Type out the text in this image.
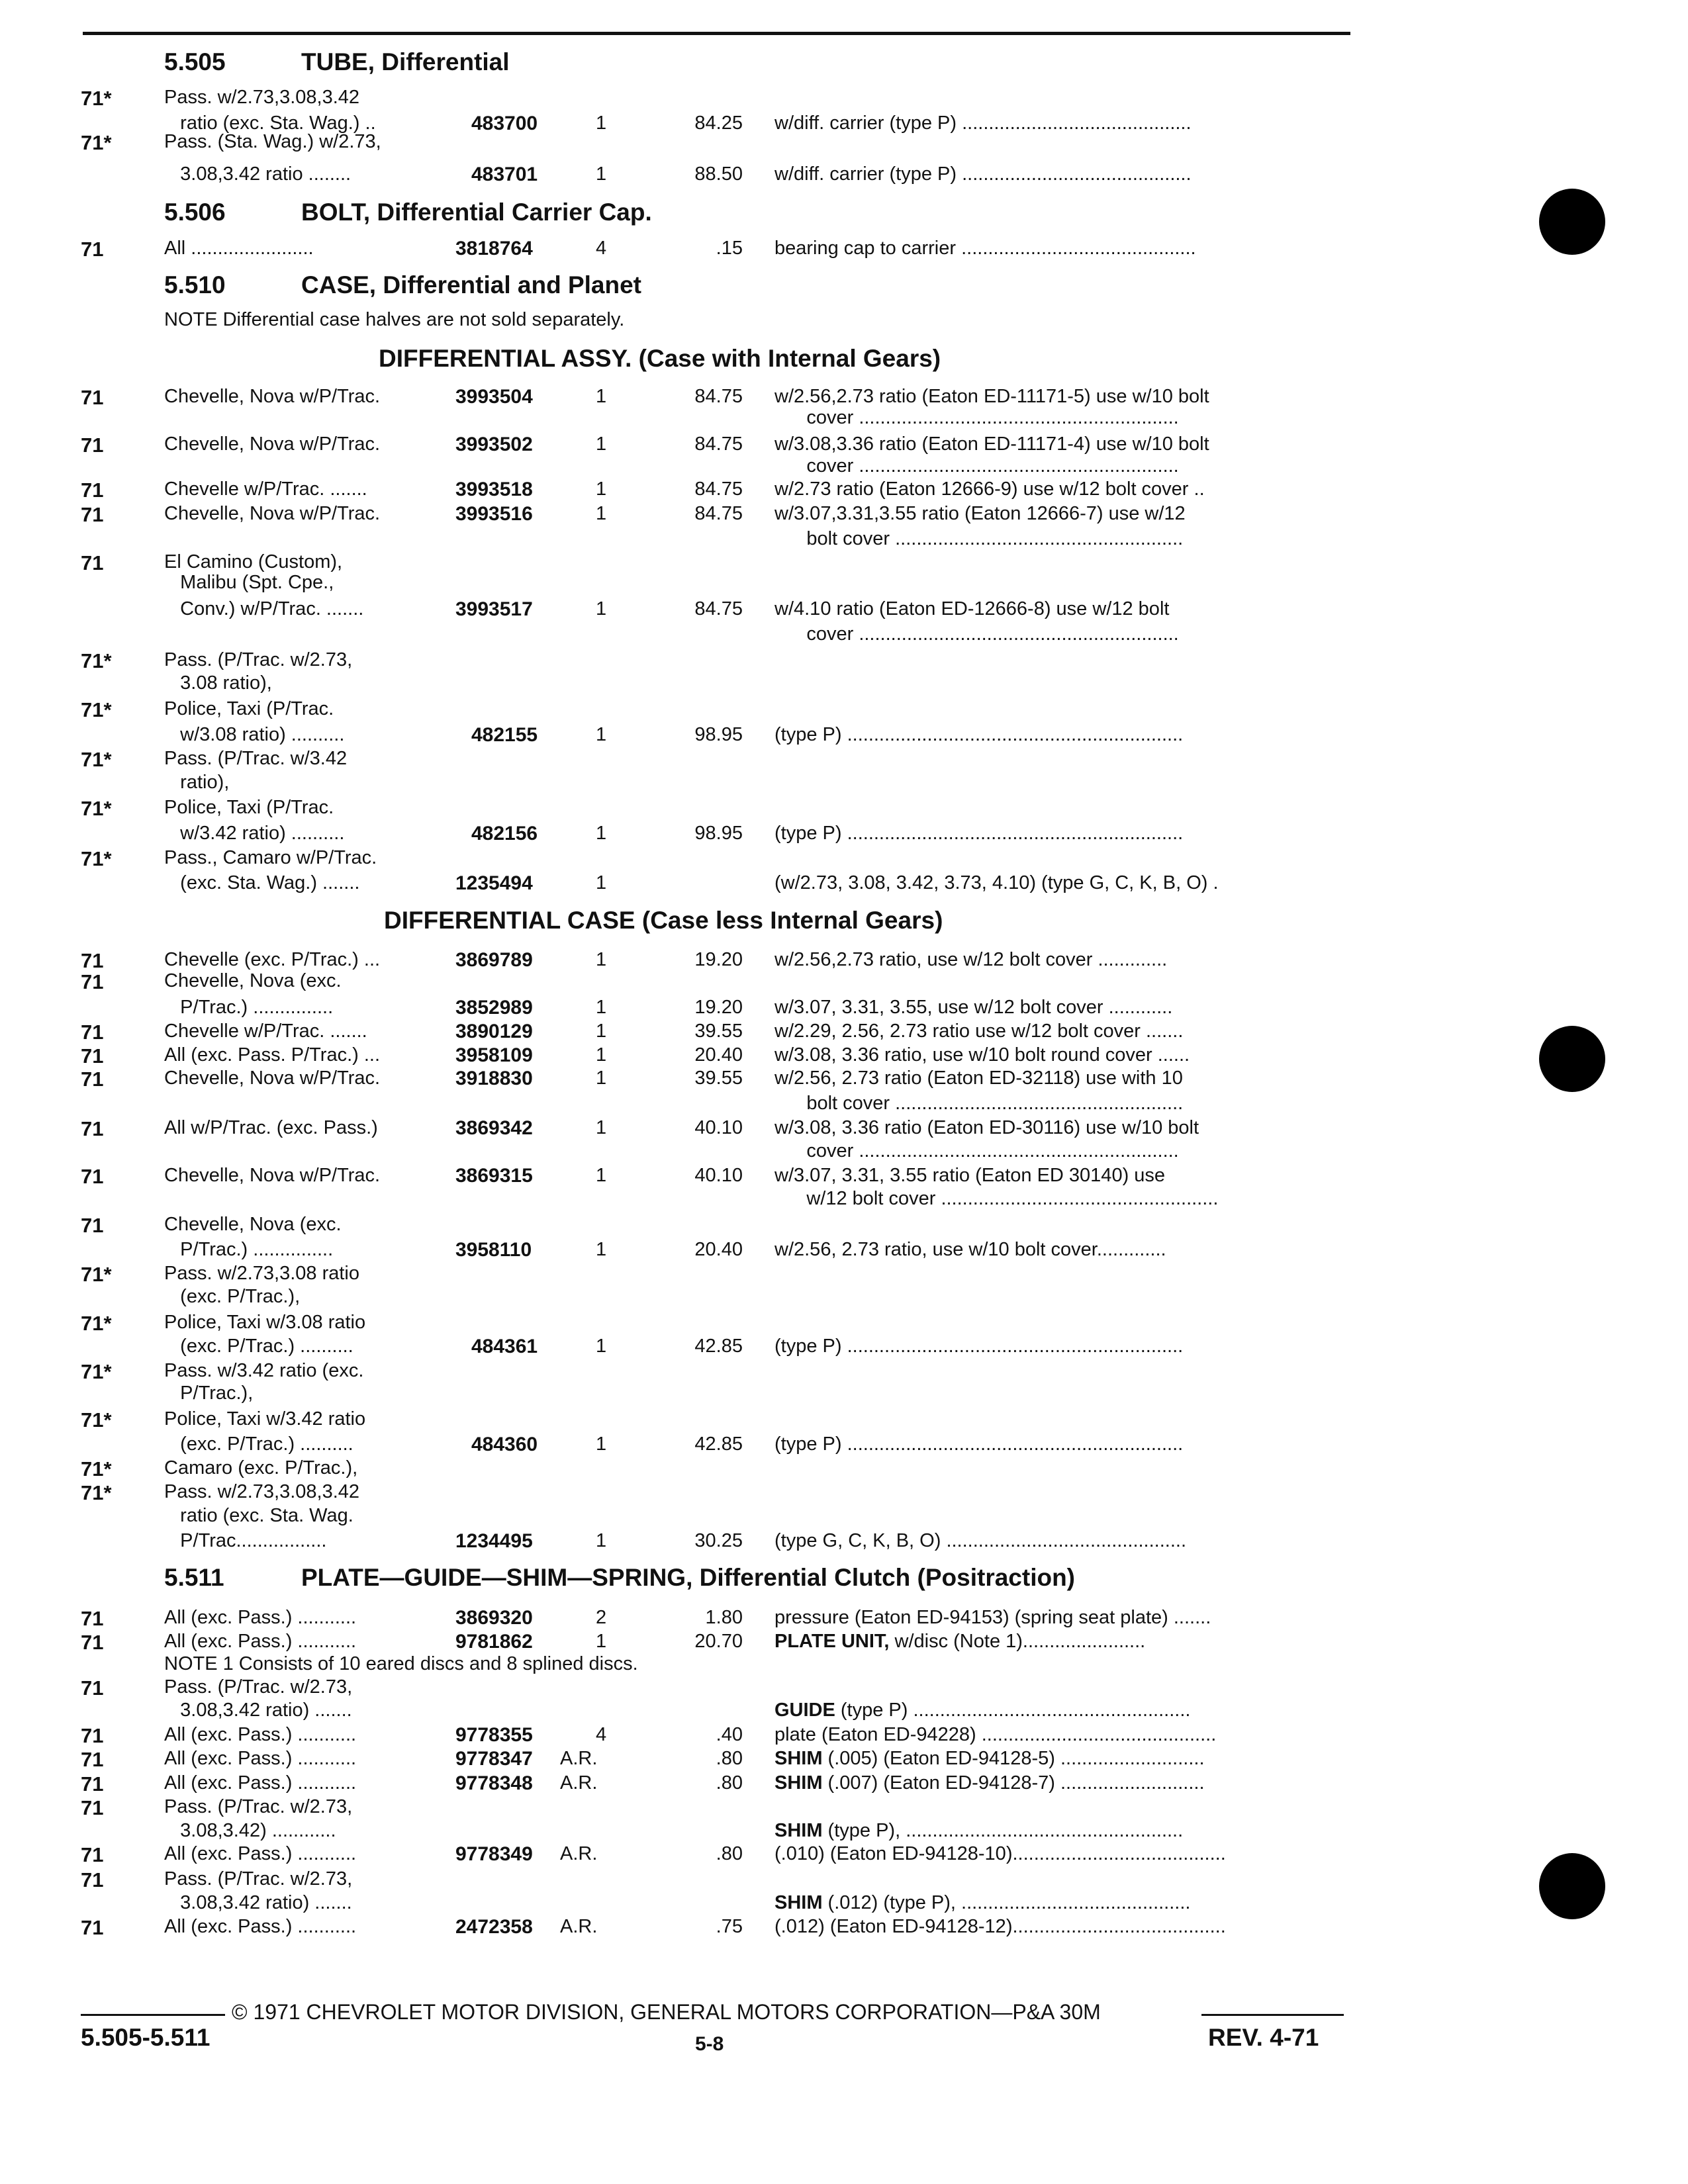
5.505	TUBE, Differential
71*	Pass. w/2.73,3.08,3.42
ratio (exc. Sta. Wag.) ..	483700	1	84.25 w/diff. carrier (type P) ...........................................
71*	Pass. (Sta. Wag.) w/2.73,
3.08,3.42 ratio ........	483701	1	88.50 w/diff. carrier (type P) ...........................................
5.506	BOLT, Differential Carrier Cap.
71	All .......................	3818764	4	.15 bearing cap to carrier ............................................
5.510	CASE, Differential and Planet
NOTE Differential case halves are not sold separately.
DIFFERENTIAL ASSY. (Case with Internal Gears)
71	Chevelle, Nova w/P/Trac.	3993504	1	84.75 w/2.56,2.73 ratio (Eaton ED-11171-5) use w/10 bolt
cover ............................................................
71	Chevelle, Nova w/P/Trac.	3993502	1	84.75 w/3.08,3.36 ratio (Eaton ED-11171-4) use w/10 bolt
cover ............................................................
71	Chevelle w/P/Trac. .......	3993518	1	84.75 w/2.73 ratio (Eaton 12666-9) use w/12 bolt cover ..
71	Chevelle, Nova w/P/Trac.	3993516	1	84.75 w/3.07,3.31,3.55 ratio (Eaton 12666-7) use w/12
bolt cover ......................................................
71	El Camino (Custom),
Malibu (Spt. Cpe.,
Conv.) w/P/Trac. .......	3993517	1	84.75 w/4.10 ratio (Eaton ED-12666-8) use w/12 bolt
cover ............................................................
71*	Pass. (P/Trac. w/2.73,
3.08 ratio),
71*	Police, Taxi (P/Trac.
w/3.08 ratio) ..........	482155	1	98.95 (type P) ...............................................................
71*	Pass. (P/Trac. w/3.42
ratio),
71*	Police, Taxi (P/Trac.
w/3.42 ratio) ..........	482156	1	98.95 (type P) ...............................................................
71*	Pass., Camaro w/P/Trac.
(exc. Sta. Wag.) .......	1235494	1	(w/2.73, 3.08, 3.42, 3.73, 4.10) (type G, C, K, B, O) .
DIFFERENTIAL CASE (Case less Internal Gears)
71	Chevelle (exc. P/Trac.) ...	3869789	1	19.20 w/2.56,2.73 ratio, use w/12 bolt cover .............
71	Chevelle, Nova (exc.
P/Trac.) ...............	3852989	1	19.20 w/3.07, 3.31, 3.55, use w/12 bolt cover ............
71	Chevelle w/P/Trac. .......	3890129	1	39.55 w/2.29, 2.56, 2.73 ratio use w/12 bolt cover .......
71	All (exc. Pass. P/Trac.) ...	3958109	1	20.40 w/3.08, 3.36 ratio, use w/10 bolt round cover ......
71	Chevelle, Nova w/P/Trac.	3918830	1	39.55 w/2.56, 2.73 ratio (Eaton ED-32118) use with 10
bolt cover ......................................................
71	All w/P/Trac. (exc. Pass.)	3869342	1	40.10 w/3.08, 3.36 ratio (Eaton ED-30116) use w/10 bolt
cover ............................................................
71	Chevelle, Nova w/P/Trac.	3869315	1	40.10 w/3.07, 3.31, 3.55 ratio (Eaton ED 30140) use
w/12 bolt cover ....................................................
71	Chevelle, Nova (exc.
P/Trac.) ...............	3958110	1	20.40 w/2.56, 2.73 ratio, use w/10 bolt cover.............
71*	Pass. w/2.73,3.08 ratio
(exc. P/Trac.),
71*	Police, Taxi w/3.08 ratio
(exc. P/Trac.) ..........	484361	1	42.85 (type P) ...............................................................
71*	Pass. w/3.42 ratio (exc.
P/Trac.),
71*	Police, Taxi w/3.42 ratio
(exc. P/Trac.) ..........	484360	1	42.85 (type P) ...............................................................
71*	Camaro (exc. P/Trac.),
71*	Pass. w/2.73,3.08,3.42
ratio (exc. Sta. Wag.
P/Trac.................	1234495	1	30.25 (type G, C, K, B, O) .............................................
5.511	PLATE—GUIDE—SHIM—SPRING, Differential Clutch (Positraction)
71	All (exc. Pass.) ...........	3869320	2	1.80 pressure (Eaton ED-94153) (spring seat plate) .......
71	All (exc. Pass.) ...........	9781862	1	20.70 PLATE UNIT, w/disc (Note 1).......................
NOTE 1 Consists of 10 eared discs and 8 splined discs.
71	Pass. (P/Trac. w/2.73,
3.08,3.42 ratio) .......	GUIDE (type P) ....................................................
71	All (exc. Pass.) ...........	9778355	4	.40 plate (Eaton ED-94228) ............................................
71	All (exc. Pass.) ...........	9778347 A.R.	.80 SHIM (.005) (Eaton ED-94128-5) ...........................
71	All (exc. Pass.) ...........	9778348 A.R.	.80 SHIM (.007) (Eaton ED-94128-7) ...........................
71	Pass. (P/Trac. w/2.73,
3.08,3.42) ............	SHIM (type P), ....................................................
71	All (exc. Pass.) ...........	9778349 A.R.	.80 (.010) (Eaton ED-94128-10)........................................
71	Pass. (P/Trac. w/2.73,
3.08,3.42 ratio) .......	SHIM (.012) (type P), ...........................................
71	All (exc. Pass.) ...........	2472358 A.R.	.75 (.012) (Eaton ED-94128-12)........................................
© 1971 CHEVROLET MOTOR DIVISION, GENERAL MOTORS CORPORATION—P&A 30M
5.505-5.511	5-8	REV. 4-71
